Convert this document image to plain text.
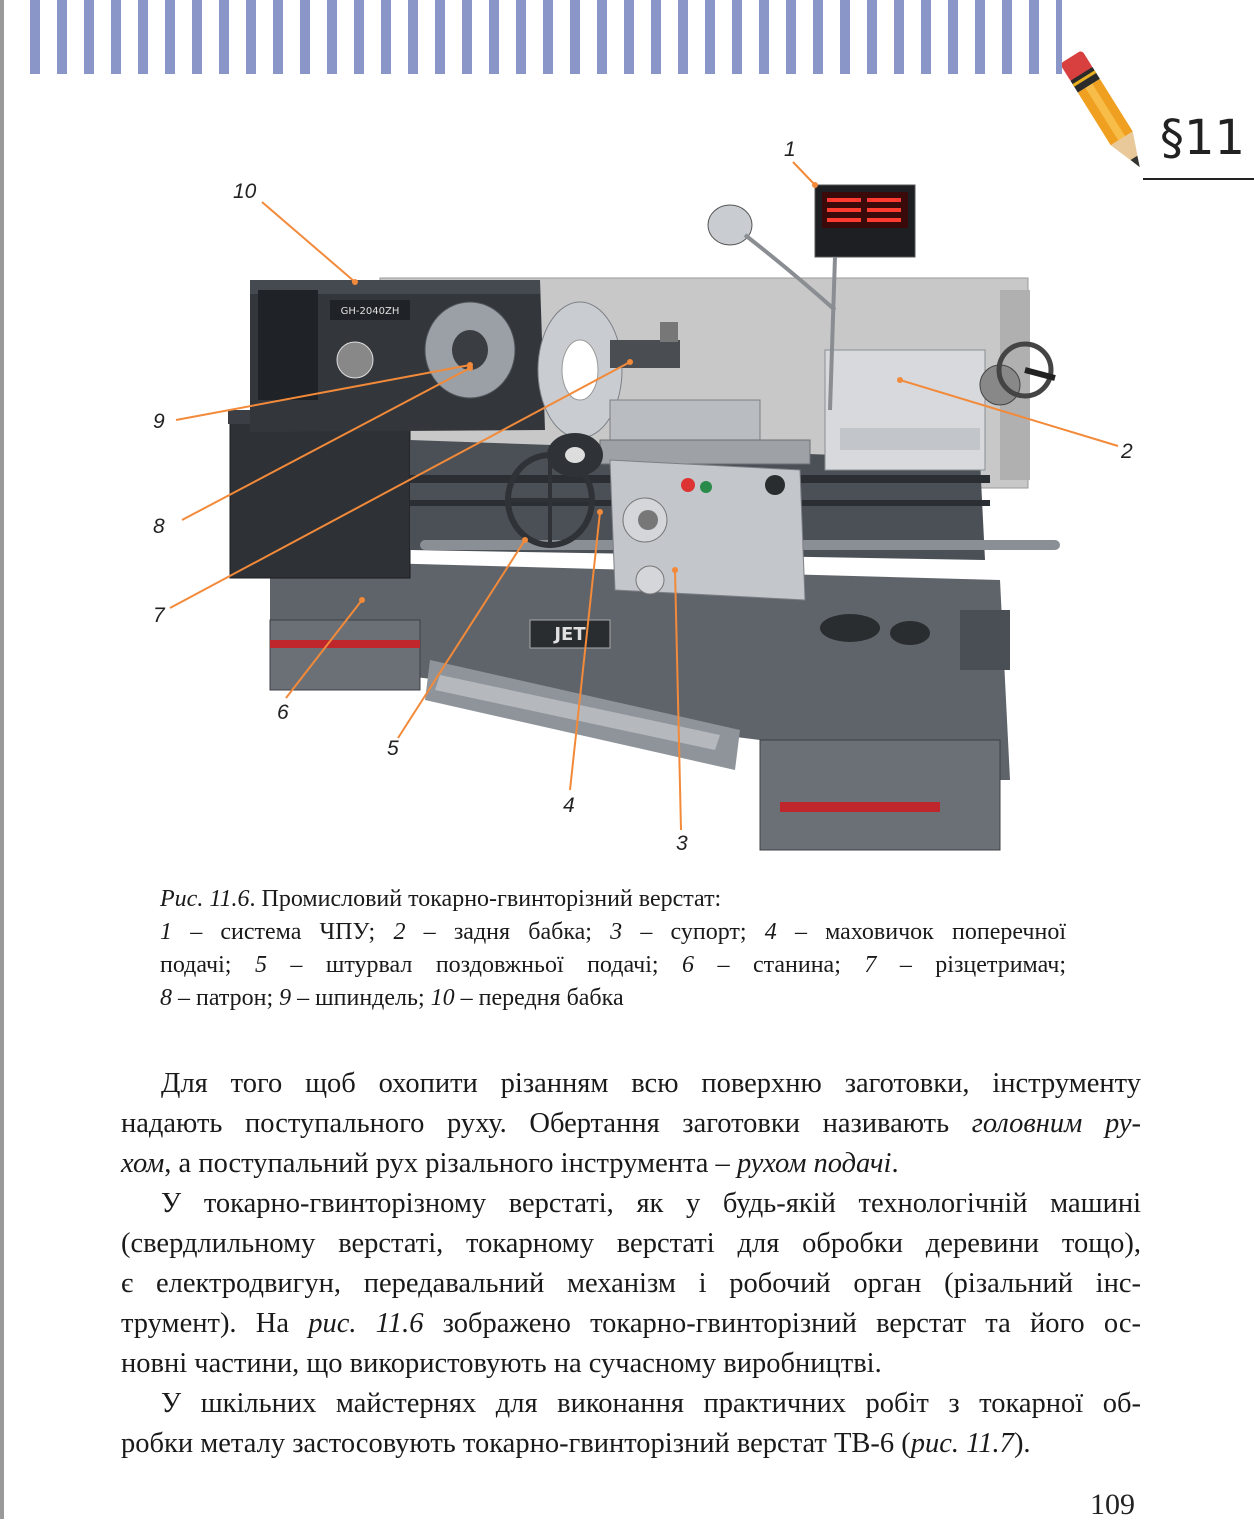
§11
GH-2040ZH
JET
1
2
3
4
5
6
7
8
9
10
Рис. 11.6. Промисловий токарно-гвинторізний верстат:
1 – система ЧПУ; 2 – задня бабка; 3 – супорт; 4 – маховичок поперечної
подачі; 5 – штурвал поздовжньої подачі; 6 – станина; 7 – різцетримач;
8 – патрон; 9 – шпиндель; 10 – передня бабка
Для того щоб охопити різанням всю поверхню заготовки, інструменту
надають поступального руху. Обертання заготовки називають головним ру-
хом, а поступальний рух різального інструмента – рухом подачі.
У токарно-гвинторізному верстаті, як у будь-якій технологічній машині
(свердлильному верстаті, токарному верстаті для обробки деревини тощо),
є електродвигун, передавальний механізм і робочий орган (різальний інс-
трумент). На рис. 11.6 зображено токарно-гвинторізний верстат та його ос-
новні частини, що використовують на сучасному виробництві.
У шкільних майстернях для виконання практичних робіт з токарної об-
робки металу застосовують токарно-гвинторізний верстат ТВ-6 (рис. 11.7).
109
